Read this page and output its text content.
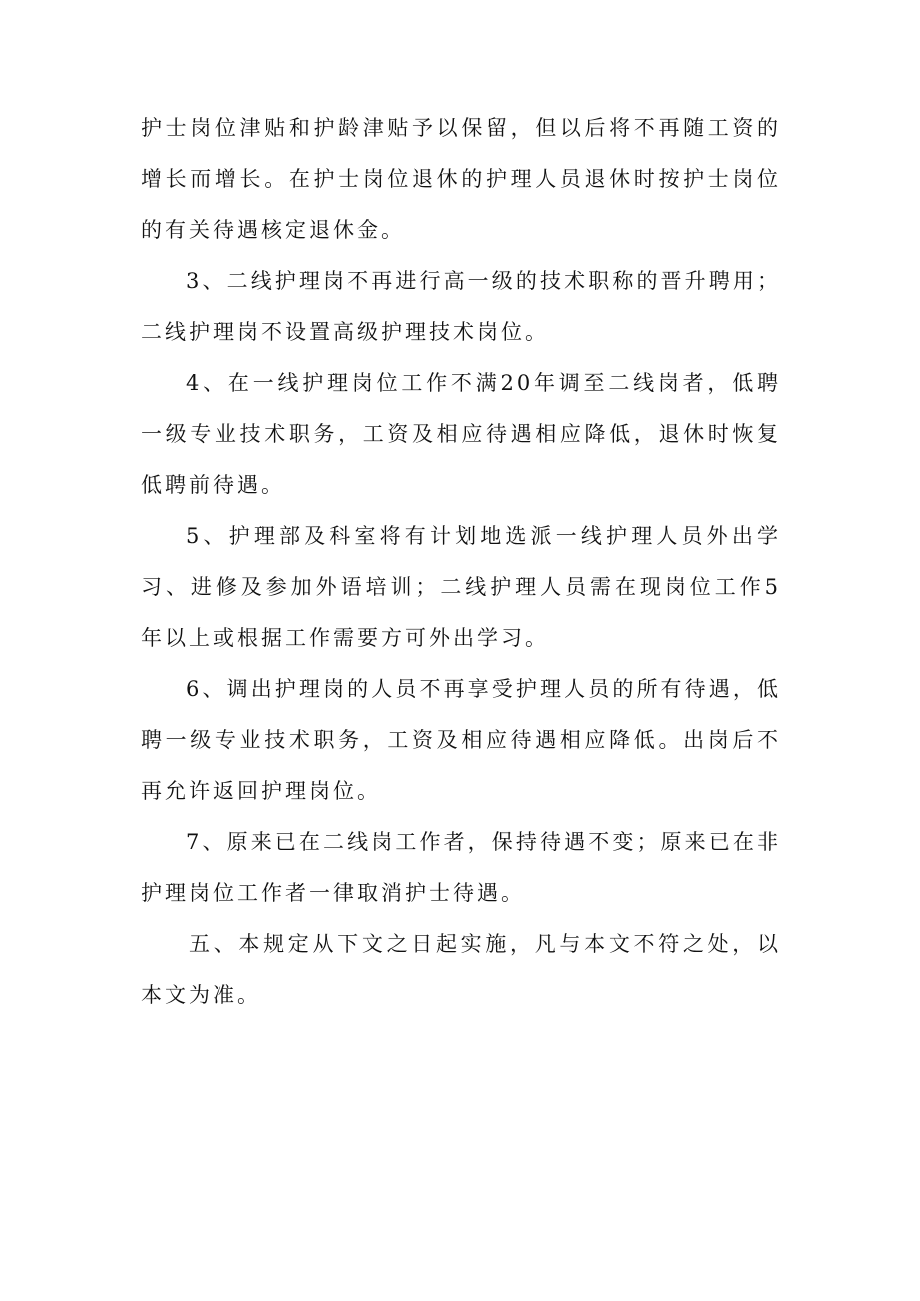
护士岗位津贴和护龄津贴予以保留，但以后将不再随工资的增长而增长。在护士岗位退休的护理人员退休时按护士岗位的有关待遇核定退休金。

3、二线护理岗不再进行高一级的技术职称的晋升聘用；二线护理岗不设置高级护理技术岗位。

4、在一线护理岗位工作不满20年调至二线岗者，低聘一级专业技术职务，工资及相应待遇相应降低，退休时恢复低聘前待遇。

5、护理部及科室将有计划地选派一线护理人员外出学习、进修及参加外语培训；二线护理人员需在现岗位工作5年以上或根据工作需要方可外出学习。

6、调出护理岗的人员不再享受护理人员的所有待遇，低聘一级专业技术职务，工资及相应待遇相应降低。出岗后不再允许返回护理岗位。

7、原来已在二线岗工作者，保持待遇不变；原来已在非护理岗位工作者一律取消护士待遇。

五、本规定从下文之日起实施，凡与本文不符之处，以本文为准。
